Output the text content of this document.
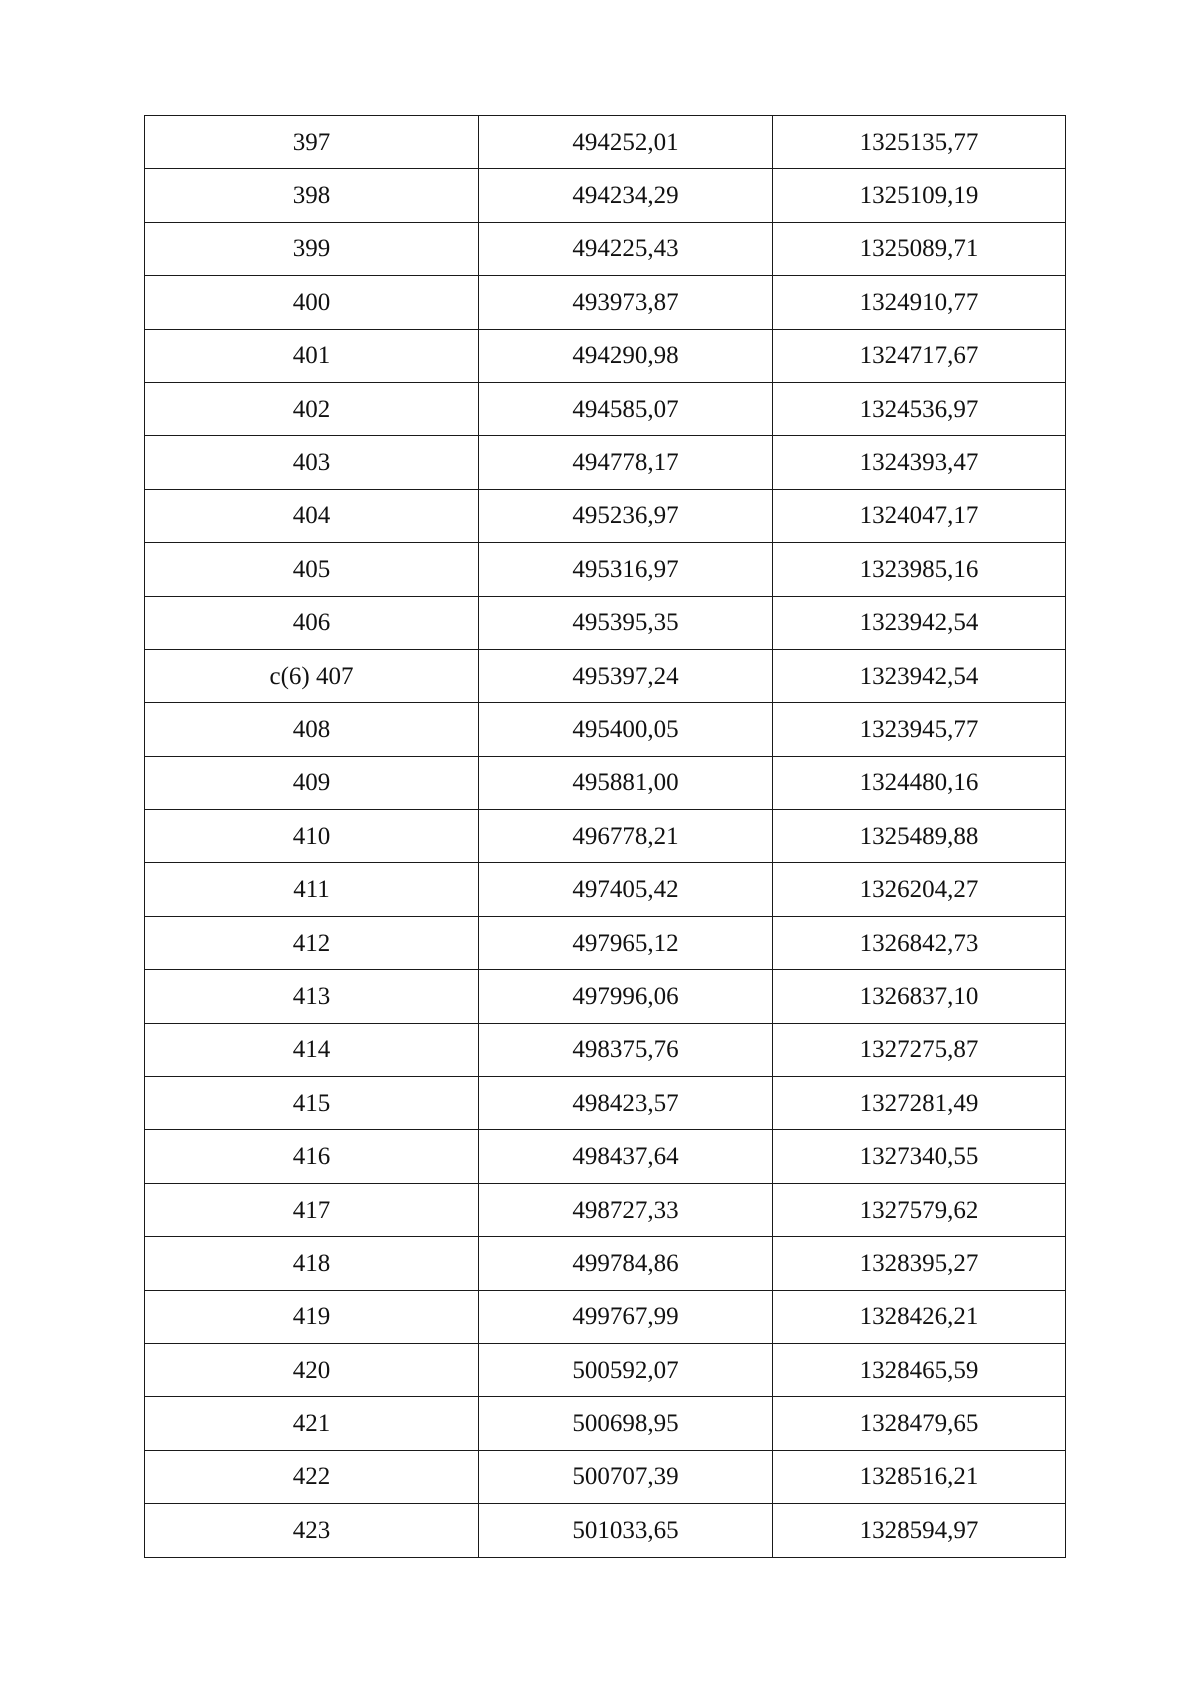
397	494252,01	1325135,77
398	494234,29	1325109,19
399	494225,43	1325089,71
400	493973,87	1324910,77
401	494290,98	1324717,67
402	494585,07	1324536,97
403	494778,17	1324393,47
404	495236,97	1324047,17
405	495316,97	1323985,16
406	495395,35	1323942,54
с(6) 407	495397,24	1323942,54
408	495400,05	1323945,77
409	495881,00	1324480,16
410	496778,21	1325489,88
411	497405,42	1326204,27
412	497965,12	1326842,73
413	497996,06	1326837,10
414	498375,76	1327275,87
415	498423,57	1327281,49
416	498437,64	1327340,55
417	498727,33	1327579,62
418	499784,86	1328395,27
419	499767,99	1328426,21
420	500592,07	1328465,59
421	500698,95	1328479,65
422	500707,39	1328516,21
423	501033,65	1328594,97
